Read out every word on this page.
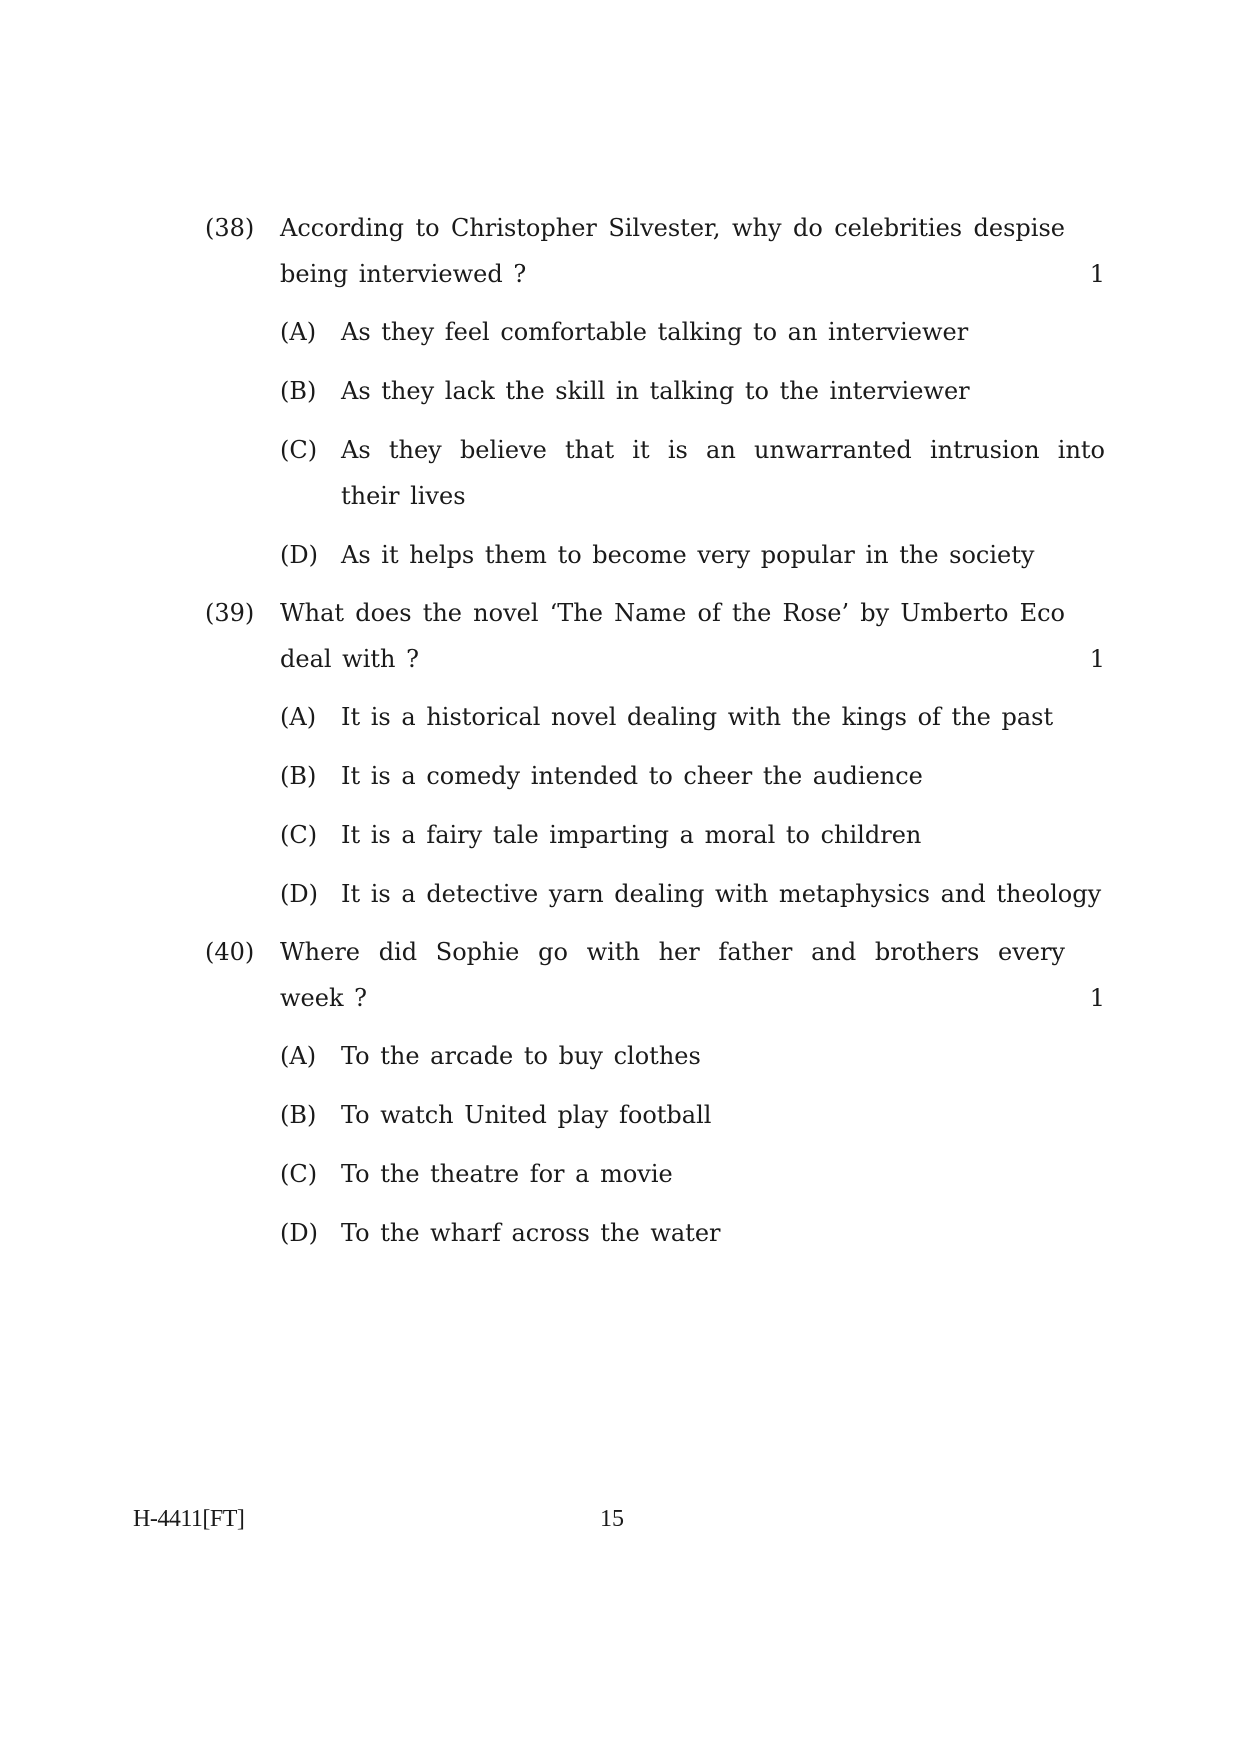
(38) According to Christopher Silvester, why do celebrities despise being interviewed ?	1
(A) As they feel comfortable talking to an interviewer
(B) As they lack the skill in talking to the interviewer
(C) As they believe that it is an unwarranted intrusion into their lives
(D) As it helps them to become very popular in the society
(39) What does the novel ‘The Name of the Rose’ by Umberto Eco deal with ?	1
(A) It is a historical novel dealing with the kings of the past
(B) It is a comedy intended to cheer the audience
(C) It is a fairy tale imparting a moral to children
(D) It is a detective yarn dealing with metaphysics and theology
(40) Where did Sophie go with her father and brothers every week ?	1
(A) To the arcade to buy clothes
(B) To watch United play football
(C) To the theatre for a movie
(D) To the wharf across the water
H-4411[FT]	15
